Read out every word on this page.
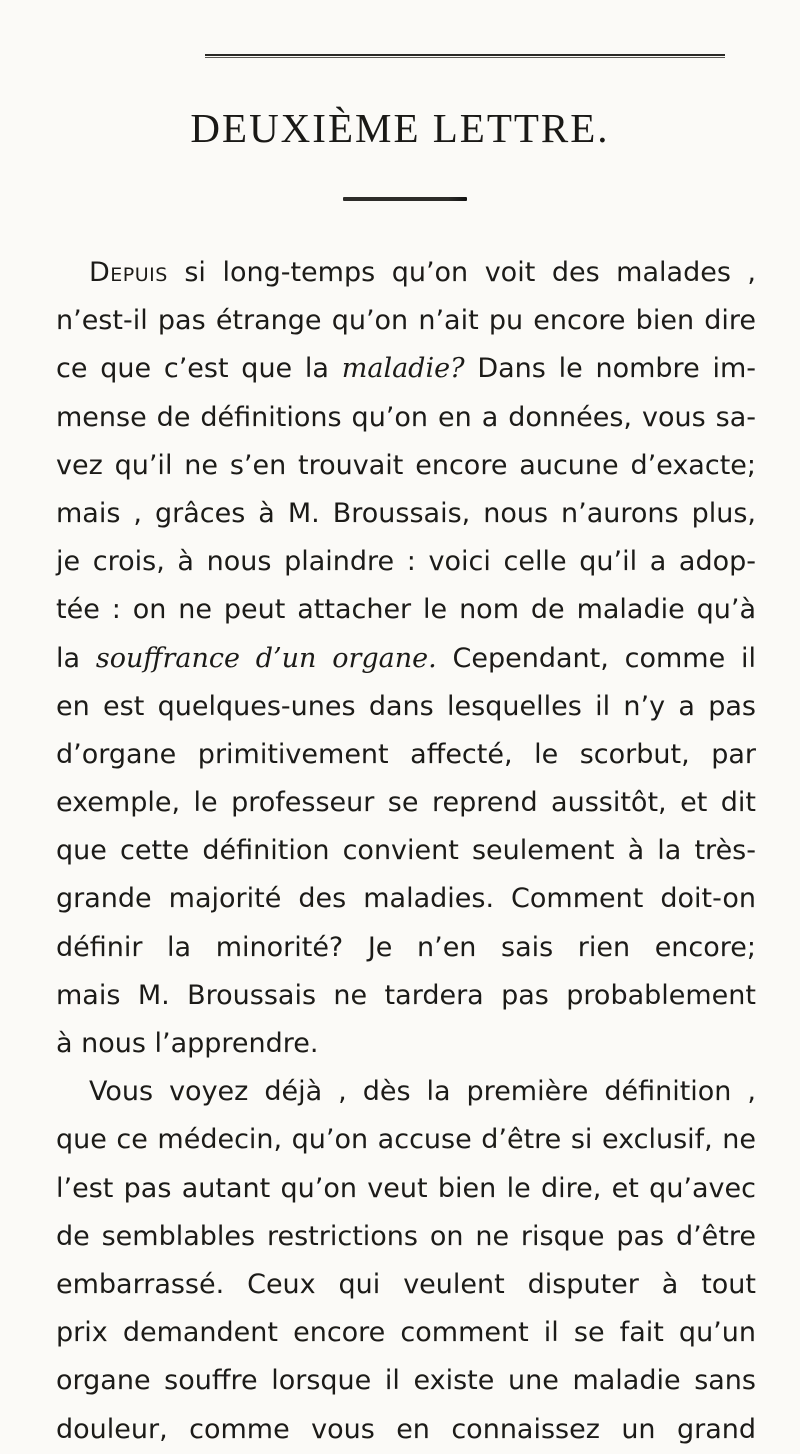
DEUXIÈME LETTRE.
Depuis si long-temps qu’on voit des malades ,
n’est-il pas étrange qu’on n’ait pu encore bien dire
ce que c’est que la maladie? Dans le nombre im-
mense de définitions qu’on en a données, vous sa-
vez qu’il ne s’en trouvait encore aucune d’exacte;
mais , grâces à M. Broussais, nous n’aurons plus,
je crois, à nous plaindre : voici celle qu’il a adop-
tée : on ne peut attacher le nom de maladie qu’à
la souffrance d’un organe. Cependant, comme il
en est quelques-unes dans lesquelles il n’y a pas
d’organe primitivement affecté, le scorbut, par
exemple, le professeur se reprend aussitôt, et dit
que cette définition convient seulement à la très-
grande majorité des maladies. Comment doit-on
définir la minorité? Je n’en sais rien encore;
mais M. Broussais ne tardera pas probablement
à nous l’apprendre.
Vous voyez déjà , dès la première définition ,
que ce médecin, qu’on accuse d’être si exclusif, ne
l’est pas autant qu’on veut bien le dire, et qu’avec
de semblables restrictions on ne risque pas d’être
embarrassé. Ceux qui veulent disputer à tout
prix demandent encore comment il se fait qu’un
organe souffre lorsque il existe une maladie sans
douleur, comme vous en connaissez un grand
